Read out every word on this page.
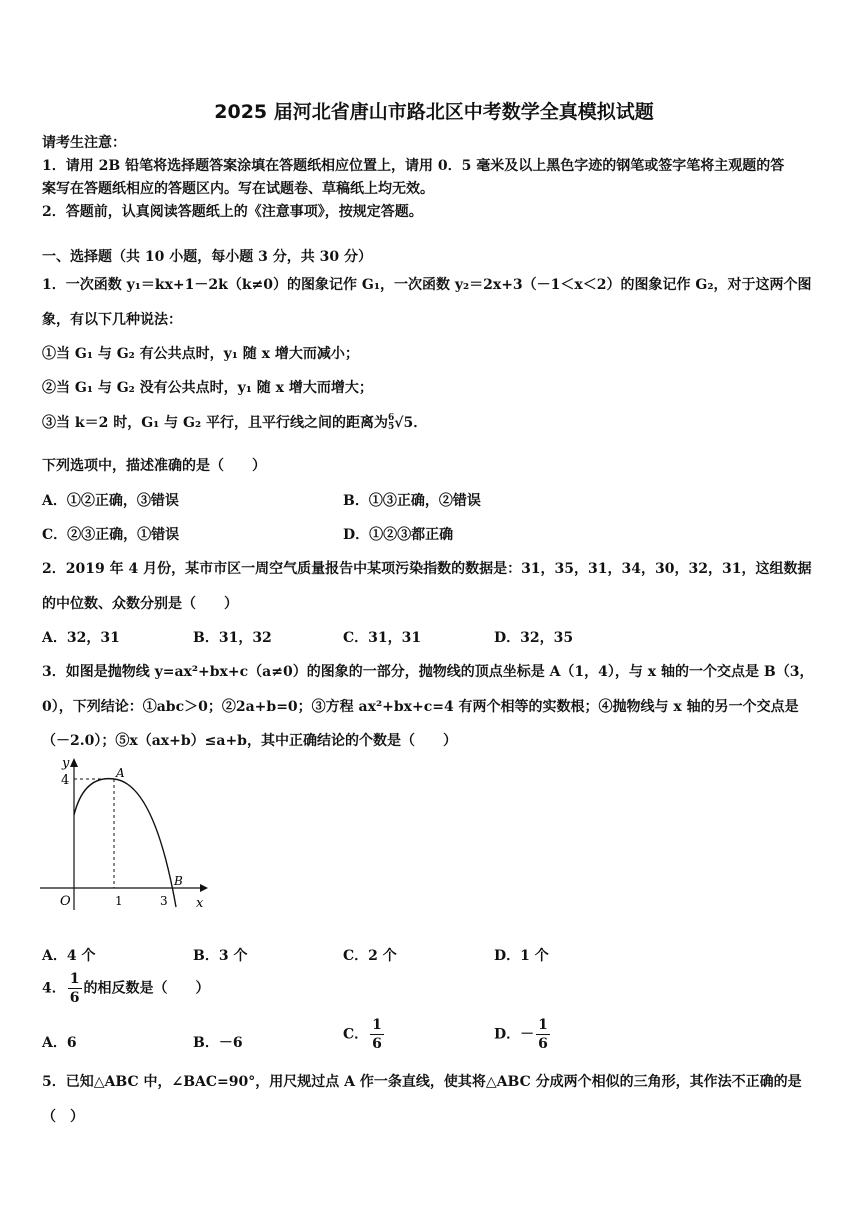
2025 届河北省唐山市路北区中考数学全真模拟试题
请考生注意：
1．请用 2B 铅笔将选择题答案涂填在答题纸相应位置上，请用 0．5 毫米及以上黑色字迹的钢笔或签字笔将主观题的答
案写在答题纸相应的答题区内。写在试题卷、草稿纸上均无效。
2．答题前，认真阅读答题纸上的《注意事项》，按规定答题。
一、选择题（共 10 小题，每小题 3 分，共 30 分）
1．一次函数 y₁＝kx+1－2k（k≠0）的图象记作 G₁，一次函数 y₂＝2x+3（－1＜x＜2）的图象记作 G₂，对于这两个图
象，有以下几种说法：
①当 G₁ 与 G₂ 有公共点时，y₁ 随 x 增大而减小；
②当 G₁ 与 G₂ 没有公共点时，y₁ 随 x 增大而增大；
③当 k＝2 时，G₁ 与 G₂ 平行，且平行线之间的距离为 6
5 √5．
下列选项中，描述准确的是（　　）
A．①②正确，③错误	B．①③正确，②错误
C．②③正确，①错误	D．①②③都正确
2．2019 年 4 月份，某市市区一周空气质量报告中某项污染指数的数据是：31，35，31，34，30，32，31，这组数据
的中位数、众数分别是（　　）
A．32，31	B．31，32	C．31，31	D．32，35
3．如图是抛物线 y=ax²+bx+c（a≠0）的图象的一部分，抛物线的顶点坐标是 A（1，4），与 x 轴的一个交点是 B（3，
0），下列结论：①abc＞0；②2a+b=0；③方程 ax²+bx+c=4 有两个相等的实数根；④抛物线与 x 轴的另一个交点是
（－2.0）；⑤x（ax+b）≤a+b，其中正确结论的个数是（　　）
y
4	A
B
O	1	3 x
A．4 个	B．3 个	C．2 个	D．1 个
4． $\frac{1}{6}$ 的相反数是（　　）
A．6	B．－6
C． $\frac{1}{6}$	D．－ $\frac{1}{6}$
5．已知△ABC 中，∠BAC=90°，用尺规过点 A 作一条直线，使其将△ABC 分成两个相似的三角形，其作法不正确的是
（　）
